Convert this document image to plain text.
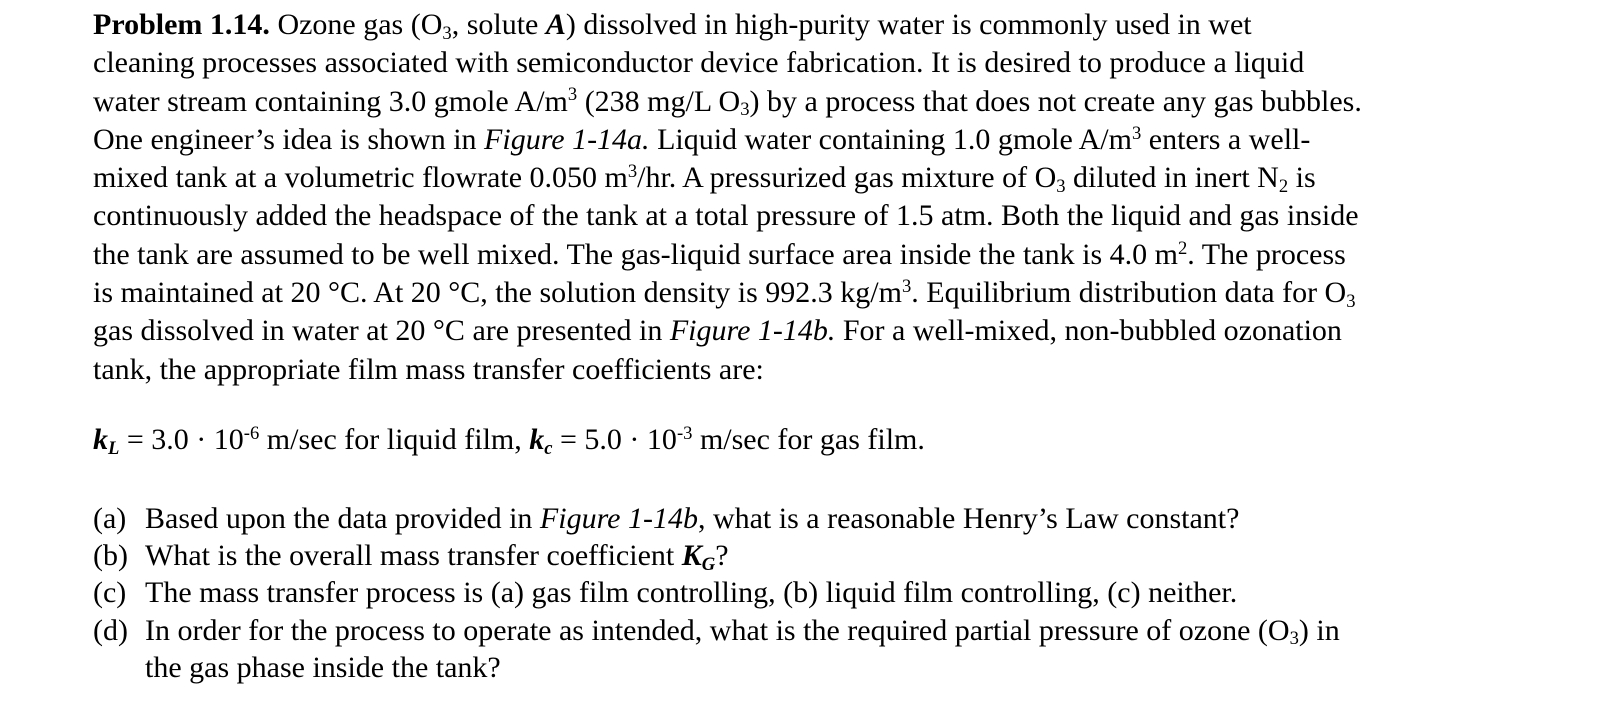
Problem 1.14. Ozone gas ($O_3$, solute A) dissolved in high-purity water is commonly used in wet
cleaning processes associated with semiconductor device fabrication. It is desired to produce a liquid
water stream containing 3.0 gmole $A/m^3$ (238 mg/L $O_3$) by a process that does not create any gas bubbles.
One engineer’s idea is shown in Figure 1-14a. Liquid water containing 1.0 gmole $A/m^3$ enters a well-
mixed tank at a volumetric flowrate 0.050 $m^3/hr$. A pressurized gas mixture of $O_3$ diluted in inert $N_2$ is
continuously added the headspace of the tank at a total pressure of 1.5 atm. Both the liquid and gas inside
the tank are assumed to be well mixed. The gas-liquid surface area inside the tank is 4.0 $m^2$. The process
is maintained at 20 °C. At 20 °C, the solution density is 992.3 $kg/m^3$. Equilibrium distribution data for $O_3$
gas dissolved in water at 20 °C are presented in Figure 1-14b. For a well-mixed, non-bubbled ozonation
tank, the appropriate film mass transfer coefficients are:
$k_L = 3.0 \cdot 10^{-6}$ m/sec for liquid film, $k_c = 5.0 \cdot 10^{-3}$ m/sec for gas film.
(a) Based upon the data provided in Figure 1-14b, what is a reasonable Henry’s Law constant?
(b) What is the overall mass transfer coefficient $K_G$?
(c) The mass transfer process is (a) gas film controlling, (b) liquid film controlling, (c) neither.
(d) In order for the process to operate as intended, what is the required partial pressure of ozone $(O_3)$ in
the gas phase inside the tank?
